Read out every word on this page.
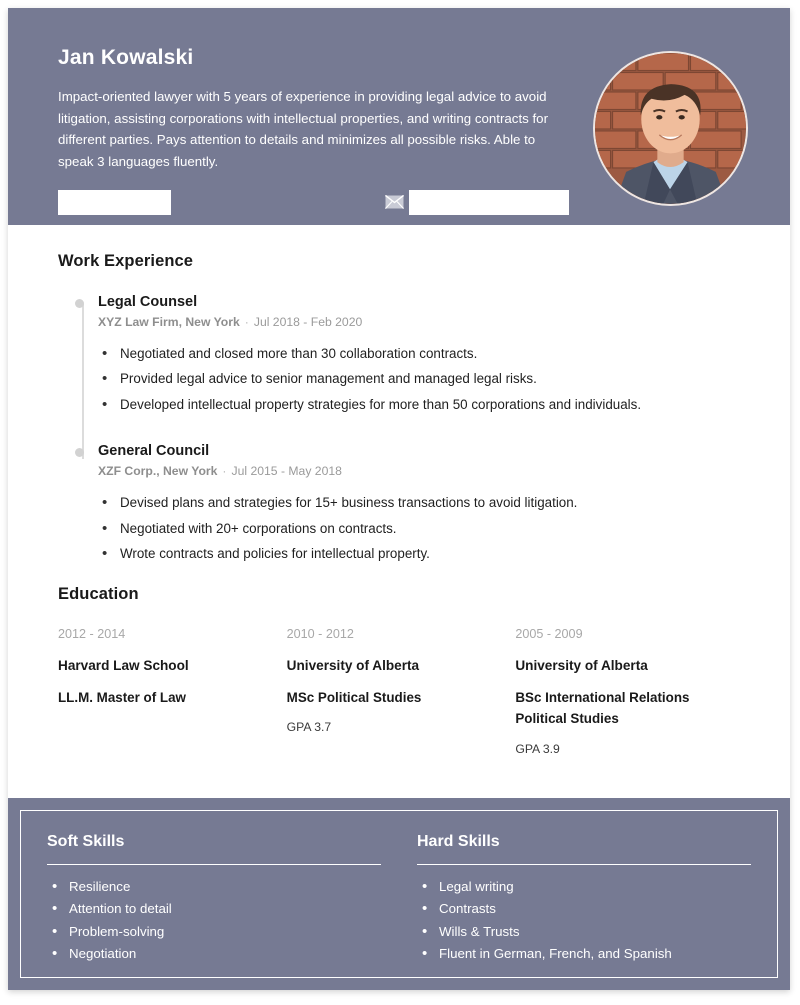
Jan Kowalski
Impact-oriented lawyer with 5 years of experience in providing legal advice to avoid litigation, assisting corporations with intellectual properties, and writing contracts for different parties. Pays attention to details and minimizes all possible risks. Able to speak 3 languages fluently.
Work Experience
Legal Counsel
XYZ Law Firm, New York · Jul 2018 - Feb 2020
• Negotiated and closed more than 30 collaboration contracts.
• Provided legal advice to senior management and managed legal risks.
• Developed intellectual property strategies for more than 50 corporations and individuals.
General Council
XZF Corp., New York · Jul 2015 - May 2018
• Devised plans and strategies for 15+ business transactions to avoid litigation.
• Negotiated with 20+ corporations on contracts.
• Wrote contracts and policies for intellectual property.
Education
2012 - 2014
Harvard Law School
LL.M. Master of Law
2010 - 2012
University of Alberta
MSc Political Studies
GPA 3.7
2005 - 2009
University of Alberta
BSc International Relations Political Studies
GPA 3.9
Soft Skills
• Resilience
• Attention to detail
• Problem-solving
• Negotiation
Hard Skills
• Legal writing
• Contrasts
• Wills & Trusts
• Fluent in German, French, and Spanish
